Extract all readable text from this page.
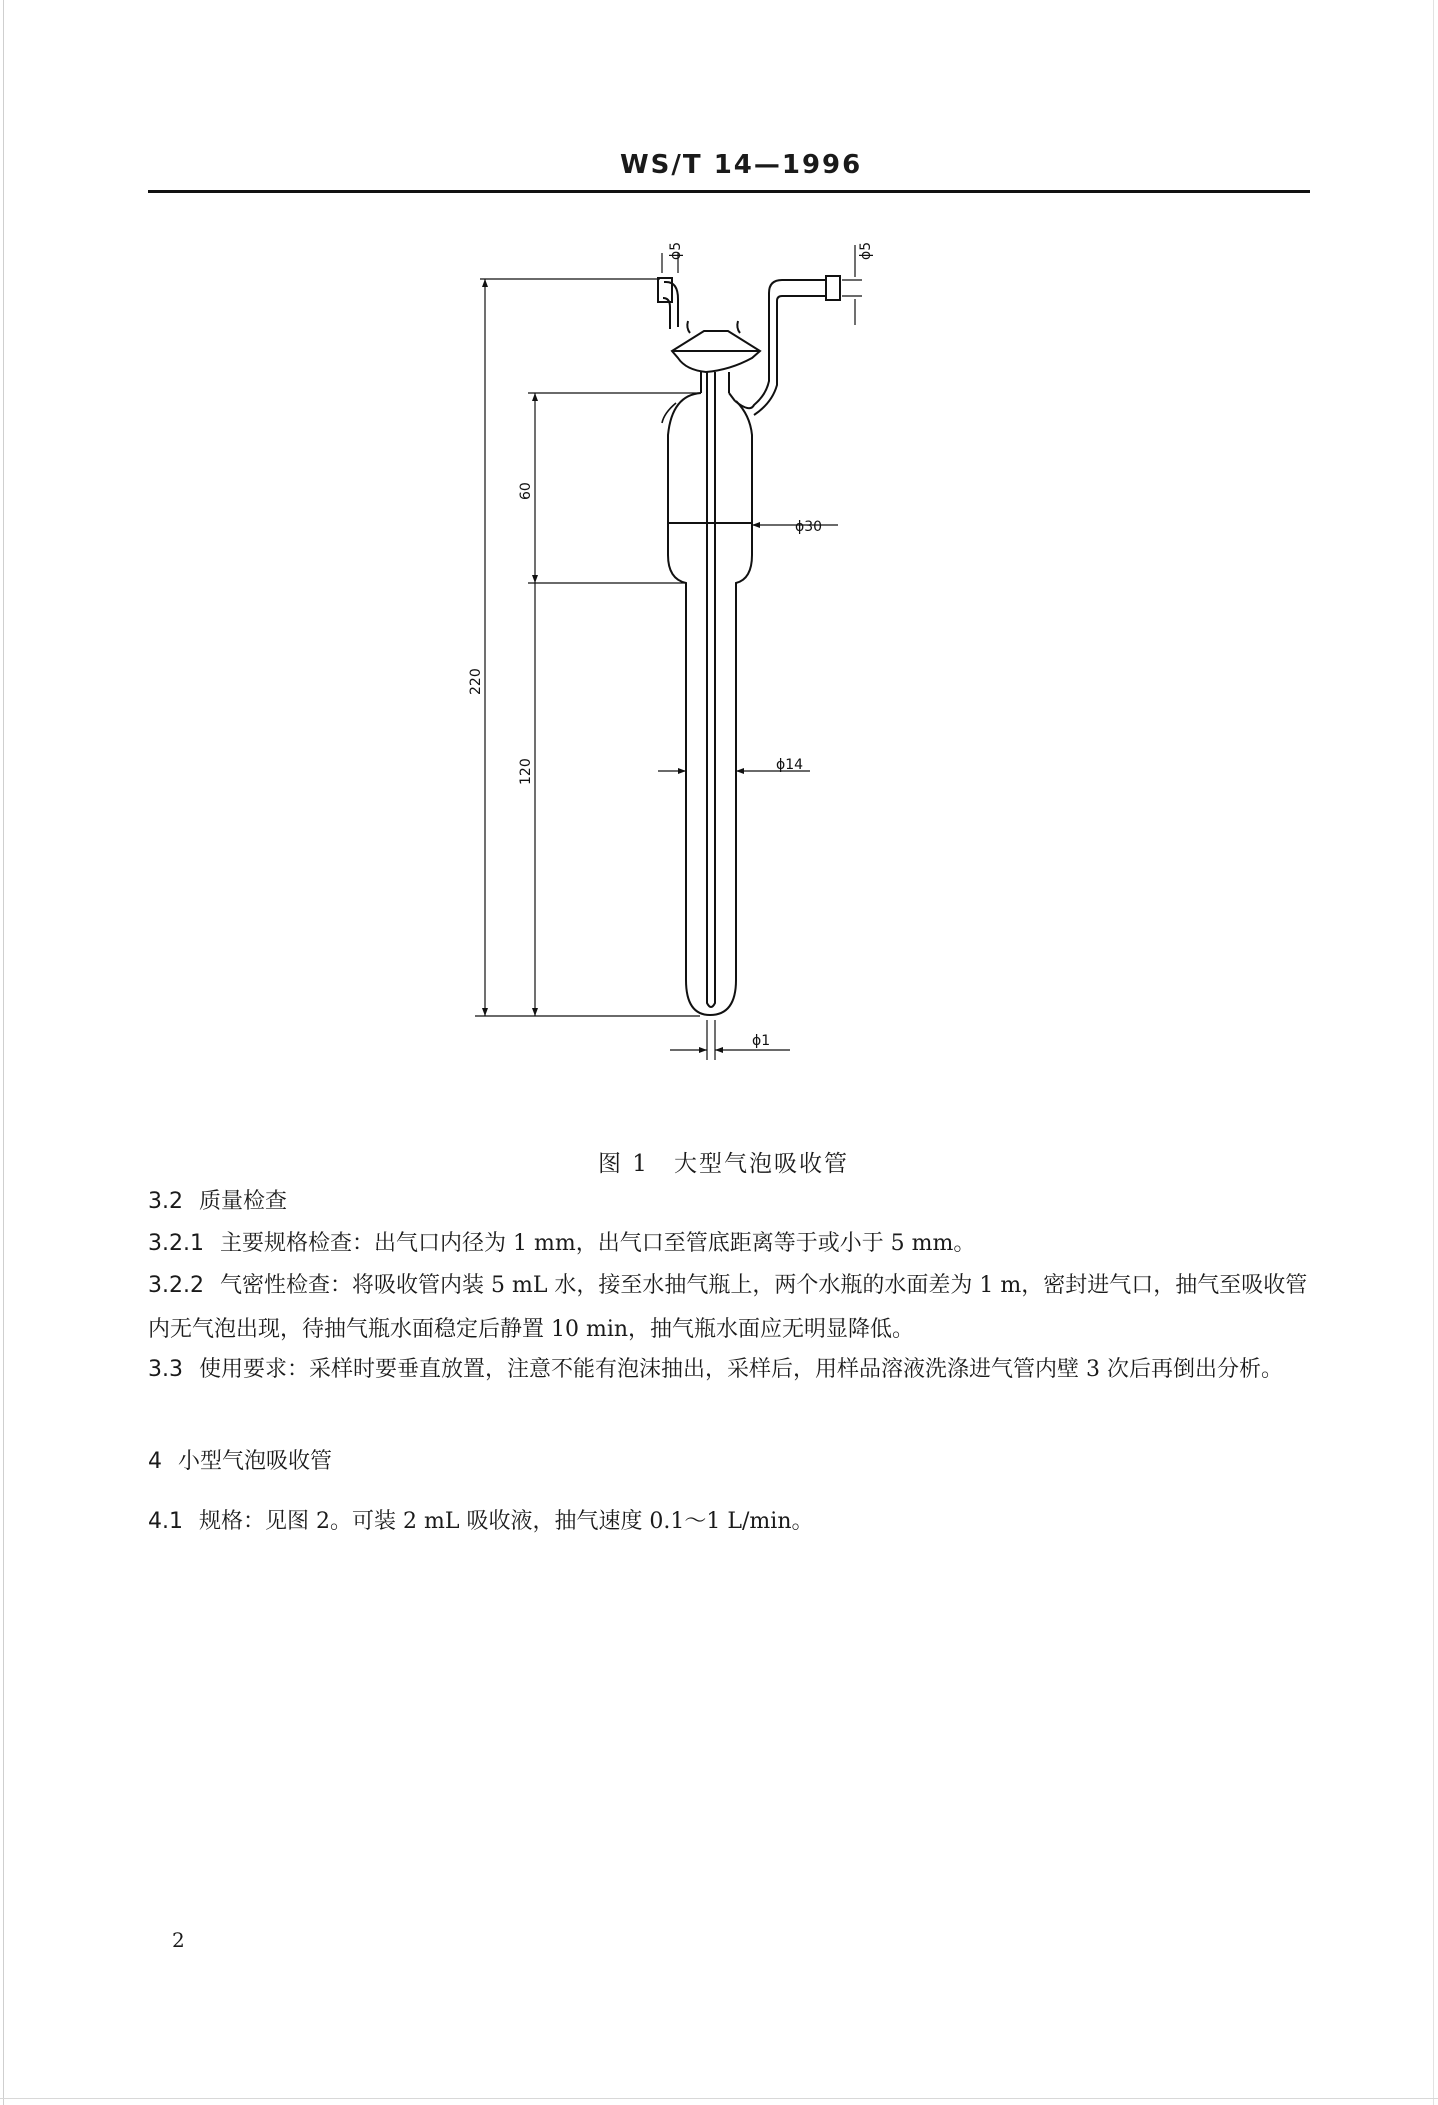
WS/T 14—1996
ϕ5	ϕ5
220
60
120
ϕ30
ϕ14
ϕ1
图 1　大型气泡吸收管

3.2 质量检查

3.2.1 主要规格检查：出气口内径为 1 mm，出气口至管底距离等于或小于 5 mm。

3.2.2 气密性检查：将吸收管内装 5 mL 水，接至水抽气瓶上，两个水瓶的水面差为 1 m，密封进气口，抽气至吸收管内无气泡出现，待抽气瓶水面稳定后静置 10 min，抽气瓶水面应无明显降低。

3.3 使用要求：采样时要垂直放置，注意不能有泡沫抽出，采样后，用样品溶液洗涤进气管内壁 3 次后再倒出分析。

4 小型气泡吸收管

4.1 规格：见图 2。可装 2 mL 吸收液，抽气速度 0.1～1 L/min。

2
